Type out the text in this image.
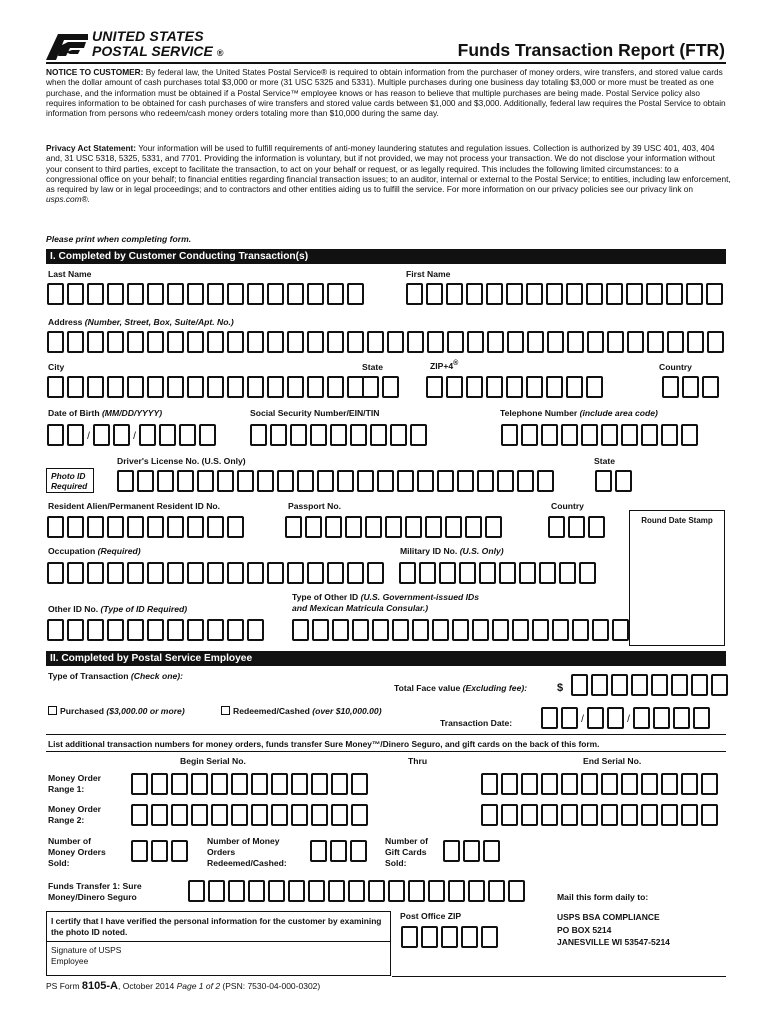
UNITED STATES
POSTAL SERVICE ®	Funds Transaction Report (FTR)
NOTICE TO CUSTOMER: By federal law, the United States Postal Service® is required to obtain information from the purchaser of money orders, wire transfers, and stored value cards when the dollar amount of cash purchases total $3,000 or more (31 USC 5325 and 5331). Multiple purchases during one business day totaling $3,000 or more must be treated as one purchase, and the information must be obtained if a Postal Service™ employee knows or has reason to believe that multiple purchases are being made. Postal Service policy also requires information to be obtained for cash purchases of wire transfers and stored value cards between $1,000 and $3,000. Additionally, federal law requires the Postal Service to obtain information from persons who redeem/cash money orders totaling more than $10,000 during the same day.
Privacy Act Statement: Your information will be used to fulfill requirements of anti-money laundering statutes and regulation issues. Collection is authorized by 39 USC 401, 403, 404 and, 31 USC 5318, 5325, 5331, and 7701. Providing the information is voluntary, but if not provided, we may not process your transaction. We do not disclose your information without your consent to third parties, except to facilitate the transaction, to act on your behalf or request, or as legally required. This includes the following limited circumstances: to a congressional office on your behalf; to financial entities regarding financial transaction issues; to an auditor, internal or external to the Postal Service; to entities, including law enforcement, as required by law or in legal proceedings; and to contractors and other entities aiding us to fulfill the service. For more information on our privacy policies see our privacy link on usps.com®.
Please print when completing form.
I. Completed by Customer Conducting Transaction(s)
Last Name	First Name
Address (Number, Street, Box, Suite/Apt. No.)
City	State	ZIP+4®	Country
Date of Birth (MM/DD/YYYY)
/	/
Social Security Number/EIN/TIN	Telephone Number (include area code)
Driver's License No. (U.S. Only)	State
Photo ID Required
Resident Alien/Permanent Resident ID No.	Passport No.	Country
Round Date Stamp
Occupation (Required)	Military ID No. (U.S. Only)
Type of Other ID (U.S. Government-issued IDs
and Mexican Matricula Consular.)
Other ID No. (Type of ID Required)
II. Completed by Postal Service Employee
Type of Transaction (Check one):
Total Face value (Excluding fee):	$
Purchased ($3,000.00 or more)	Redeemed/Cashed (over $10,000.00)
Transaction Date:	/	/
List additional transaction numbers for money orders, funds transfer Sure Money™/Dinero Seguro, and gift cards on the back of this form.
Begin Serial No.	Thru	End Serial No.
Money Order Range 1:
Money Order Range 2:
Number of Money Orders Sold:
Number of Money Orders Redeemed/Cashed:
Number of Gift Cards Sold:
Funds Transfer 1: Sure Money/Dinero Seguro	Mail this form daily to:
I certify that I have verified the personal information for the customer by examining the photo ID noted.
Signature of USPS Employee
Post Office ZIP	USPS BSA COMPLIANCE
PO BOX 5214
JANESVILLE WI 53547-5214
PS Form 8105-A, October 2014 Page 1 of 2 (PSN: 7530-04-000-0302)
